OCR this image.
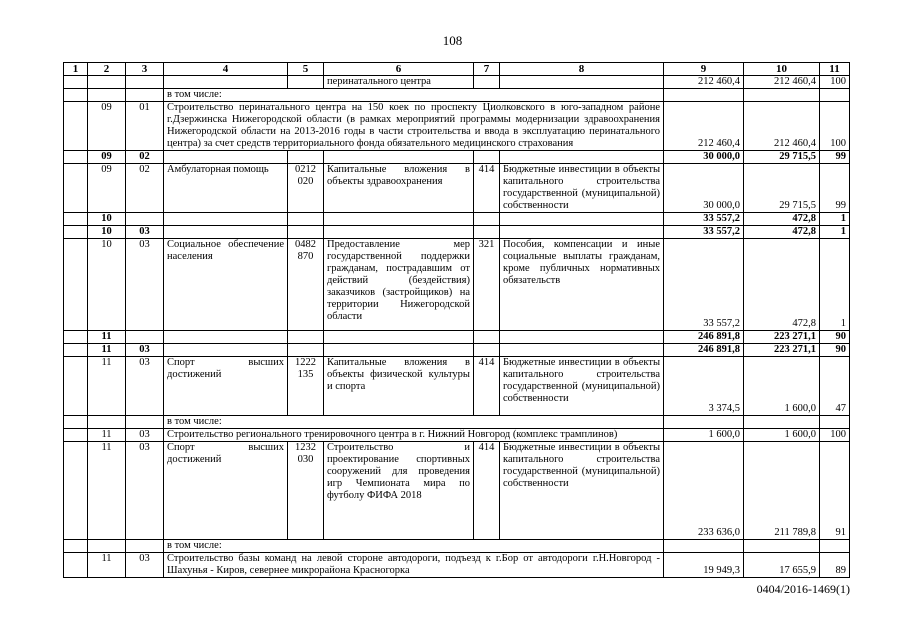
108
1	2	3	4	5	6	7	8	9	10	11
					перинатального центра			212 460,4	212 460,4	100
			в том числе:							
	09	01	Строительство перинатального центра на 150 коек по проспекту Циолковского в юго-западном районе г.Дзержинска Нижегородской области (в рамках мероприятий программы модернизации здравоохранения Нижегородской области на 2013-2016 годы в части строительства и ввода в эксплуатацию перинатального центра) за счет средств территориального фонда обязательного медицинского страхования					212 460,4	212 460,4	100
	09	02						30 000,0	29 715,5	99
	09	02	Амбулаторная помощь	0212 020	Капитальные вложения в объекты здравоохранения	414	Бюджетные инвестиции в объекты капитального строительства государственной (муниципальной) собственности	30 000,0	29 715,5	99
	10							33 557,2	472,8	1
	10	03						33 557,2	472,8	1
	10	03	Социальное обеспечение населения	0482 870	Предоставление мер государственной поддержки гражданам, пострадавшим от действий (бездействия) заказчиков (застройщиков) на территории Нижегородской области	321	Пособия, компенсации и иные социальные выплаты гражданам, кроме публичных нормативных обязательств	33 557,2	472,8	1
	11							246 891,8	223 271,1	90
	11	03						246 891,8	223 271,1	90
	11	03	Спорт высших достижений	1222 135	Капитальные вложения в объекты физической культуры и спорта	414	Бюджетные инвестиции в объекты капитального строительства государственной (муниципальной) собственности	3 374,5	1 600,0	47
			в том числе:							
	11	03	Строительство регионального тренировочного центра в г. Нижний Новгород (комплекс трамплинов)					1 600,0	1 600,0	100
	11	03	Спорт высших достижений	1232 030	Строительство и проектирование спортивных сооружений для проведения игр Чемпионата мира по футболу ФИФА 2018	414	Бюджетные инвестиции в объекты капитального строительства государственной (муниципальной) собственности	233 636,0	211 789,8	91
			в том числе:							
	11	03	Строительство базы команд на левой стороне автодороги, подъезд к г.Бор от автодороги г.Н.Новгород - Шахунья - Киров, севернее микрорайона Красногорка					19 949,3	17 655,9	89
0404/2016-1469(1)
